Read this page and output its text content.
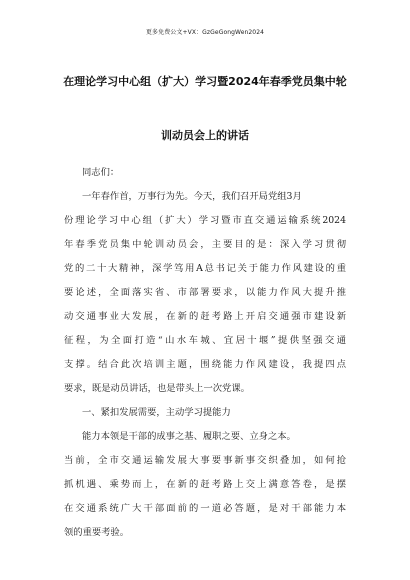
更多免费公文+VX：GzGeGongWen2024
在理论学习中心组（扩大）学习暨2024年春季党员集中轮
训动员会上的讲话
同志们：
一年春作首，万事行为先。今天，我们召开局党组3月
份理论学习中心组（扩大）学习暨市直交通运输系统2024
年春季党员集中轮训动员会，主要目的是：深入学习贯彻
党的二十大精神，深学笃用A总书记关于能力作风建设的重
要论述，全面落实省、市部署要求，以能力作风大提升推
动交通事业大发展，在新的赶考路上开启交通强市建设新
征程，为全面打造“山水车城、宜居十堰”提供坚强交通
支撑。结合此次培训主题，围绕能力作风建设，我提四点
要求，既是动员讲话，也是带头上一次党课。
一、紧扣发展需要，主动学习提能力
能力本领是干部的成事之基、履职之要、立身之本。
当前，全市交通运输发展大事要事新事交织叠加，如何抢
抓机遇、乘势而上，在新的赶考路上交上满意答卷，是摆
在交通系统广大干部面前的一道必答题，是对干部能力本
领的重要考验。
